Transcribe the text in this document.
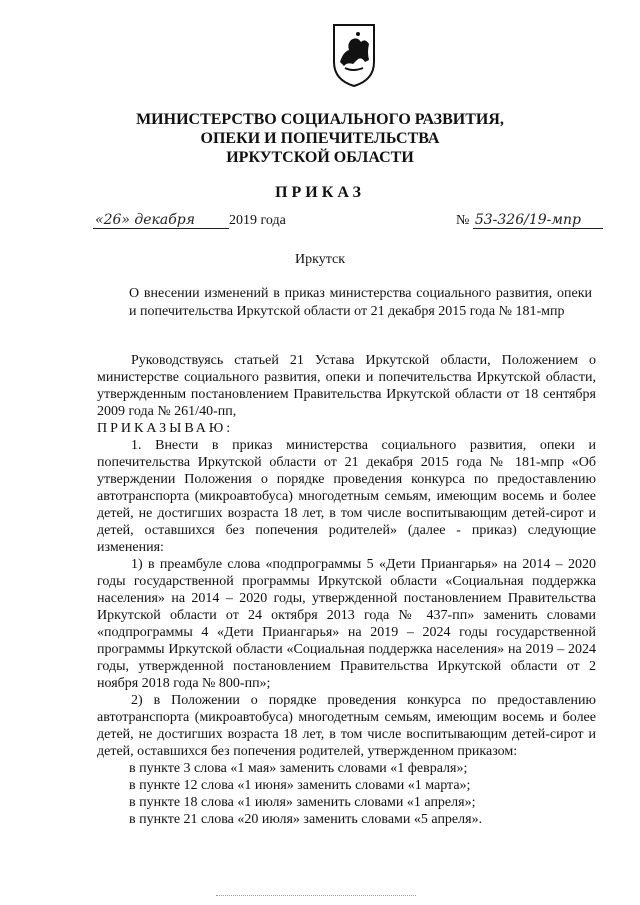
МИНИСТЕРСТВО СОЦИАЛЬНОГО РАЗВИТИЯ,
ОПЕКИ И ПОПЕЧИТЕЛЬСТВА
ИРКУТСКОЙ ОБЛАСТИ
ПРИКАЗ
«26» декабря 2019 года	№ 53-326/19-мпр
Иркутск
О внесении изменений в приказ министерства социального развития, опеки и попечительства Иркутской области от 21 декабря 2015 года № 181-мпр

Руководствуясь статьей 21 Устава Иркутской области, Положением о министерстве социального развития, опеки и попечительства Иркутской области, утвержденным постановлением Правительства Иркутской области от 18 сентября 2009 года № 261/40-пп,

ПРИКАЗЫВАЮ:

1. Внести в приказ министерства социального развития, опеки и попечительства Иркутской области от 21 декабря 2015 года № 181-мпр «Об утверждении Положения о порядке проведения конкурса по предоставлению автотранспорта (микроавтобуса) многодетным семьям, имеющим восемь и более детей, не достигших возраста 18 лет, в том числе воспитывающим детей-сирот и детей, оставшихся без попечения родителей» (далее - приказ) следующие изменения:

1) в преамбуле слова «подпрограммы 5 «Дети Приангарья» на 2014 – 2020 годы государственной программы Иркутской области «Социальная поддержка населения» на 2014 – 2020 годы, утвержденной постановлением Правительства Иркутской области от 24 октября 2013 года № 437-пп» заменить словами «подпрограммы 4 «Дети Приангарья» на 2019 – 2024 годы государственной программы Иркутской области «Социальная поддержка населения» на 2019 – 2024 годы, утвержденной постановлением Правительства Иркутской области от 2 ноября 2018 года № 800-пп»;

2) в Положении о порядке проведения конкурса по предоставлению автотранспорта (микроавтобуса) многодетным семьям, имеющим восемь и более детей, не достигших возраста 18 лет, в том числе воспитывающим детей-сирот и детей, оставшихся без попечения родителей, утвержденном приказом:

в пункте 3 слова «1 мая» заменить словами «1 февраля»;

в пункте 12 слова «1 июня» заменить словами «1 марта»;

в пункте 18 слова «1 июля» заменить словами «1 апреля»;

в пункте 21 слова «20 июля» заменить словами «5 апреля».
